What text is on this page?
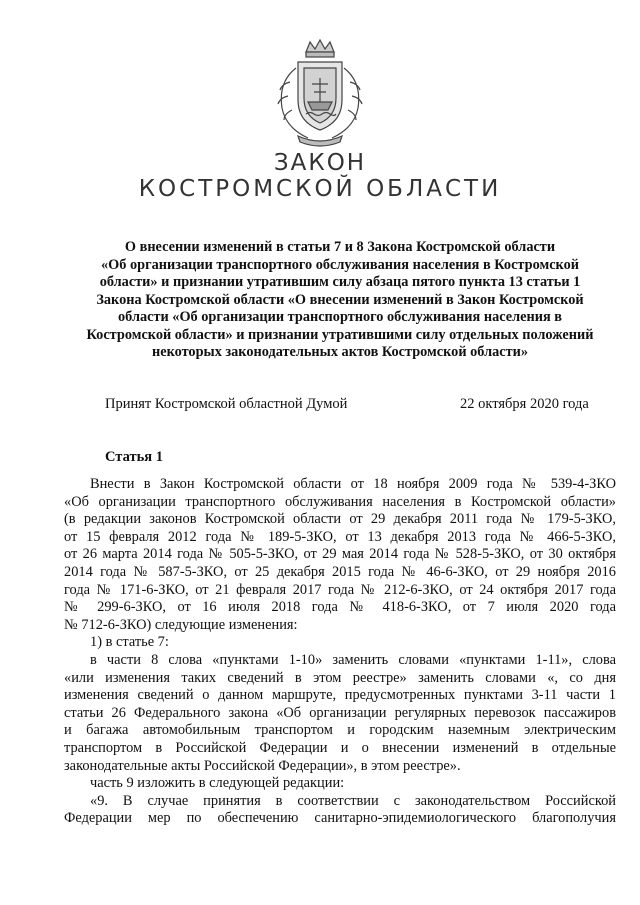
ЗАКОН
КОСТРОМСКОЙ ОБЛАСТИ
О внесении изменений в статьи 7 и 8 Закона Костромской области
«Об организации транспортного обслуживания населения в Костромской
области» и признании утратившим силу абзаца пятого пункта 13 статьи 1
Закона Костромской области «О внесении изменений в Закон Костромской
области «Об организации транспортного обслуживания населения в
Костромской области» и признании утратившими силу отдельных положений
некоторых законодательных актов Костромской области»
Принят Костромской областной Думой	22 октября 2020 года
Статья 1
Внести в Закон Костромской области от 18 ноября 2009 года № 539-4-ЗКО
«Об организации транспортного обслуживания населения в Костромской области»
(в редакции законов Костромской области от 29 декабря 2011 года № 179-5-ЗКО,
от 15 февраля 2012 года № 189-5-ЗКО, от 13 декабря 2013 года № 466-5-ЗКО,
от 26 марта 2014 года № 505-5-ЗКО, от 29 мая 2014 года № 528-5-ЗКО, от 30 октября
2014 года № 587-5-ЗКО, от 25 декабря 2015 года № 46-6-ЗКО, от 29 ноября 2016
года № 171-6-ЗКО, от 21 февраля 2017 года № 212-6-ЗКО, от 24 октября 2017 года
№ 299-6-ЗКО, от 16 июля 2018 года № 418-6-ЗКО, от 7 июля 2020 года
№ 712-6-ЗКО) следующие изменения:
1) в статье 7:
в части 8 слова «пунктами 1-10» заменить словами «пунктами 1-11», слова
«или изменения таких сведений в этом реестре» заменить словами «, со дня
изменения сведений о данном маршруте, предусмотренных пунктами 3-11 части 1
статьи 26 Федерального закона «Об организации регулярных перевозок пассажиров
и багажа автомобильным транспортом и городским наземным электрическим
транспортом в Российской Федерации и о внесении изменений в отдельные
законодательные акты Российской Федерации», в этом реестре».
часть 9 изложить в следующей редакции:
«9. В случае принятия в соответствии с законодательством Российской
Федерации мер по обеспечению санитарно-эпидемиологического благополучия
